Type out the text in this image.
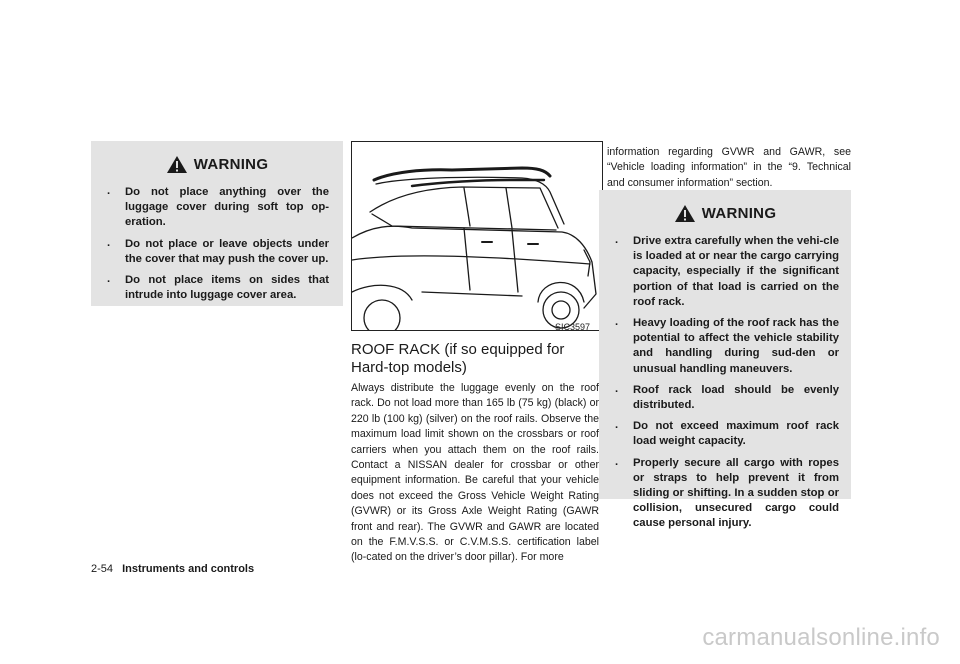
WARNING
. Do not place anything over the luggage cover during soft top op-eration.
. Do not place or leave objects under the cover that may push the cover up.
. Do not place items on sides that intrude into luggage cover area.
SIC3597
ROOF RACK (if so equipped for Hard-top models)

Always distribute the luggage evenly on the roof rack. Do not load more than 165 lb (75 kg) (black) or 220 lb (100 kg) (silver) on the roof rails. Observe the maximum load limit shown on the crossbars or roof carriers when you attach them on the roof rails. Contact a NISSAN dealer for crossbar or other equipment information. Be careful that your vehicle does not exceed the Gross Vehicle Weight Rating (GVWR) or its Gross Axle Weight Rating (GAWR front and rear). The GVWR and GAWR are located on the F.M.V.S.S. or C.V.M.S.S. certification label (lo-cated on the driver’s door pillar). For more

information regarding GVWR and GAWR, see “Vehicle loading information” in the “9. Technical and consumer information” section.

WARNING
. Drive extra carefully when the vehi-cle is loaded at or near the cargo carrying capacity, especially if the significant portion of that load is carried on the roof rack.
. Heavy loading of the roof rack has the potential to affect the vehicle stability and handling during sud-den or unusual handling maneuvers.
. Roof rack load should be evenly distributed.
. Do not exceed maximum roof rack load weight capacity.
. Properly secure all cargo with ropes or straps to help prevent it from sliding or shifting. In a sudden stop or collision, unsecured cargo could cause personal injury.
2-54 Instruments and controls
carmanualsonline.info
